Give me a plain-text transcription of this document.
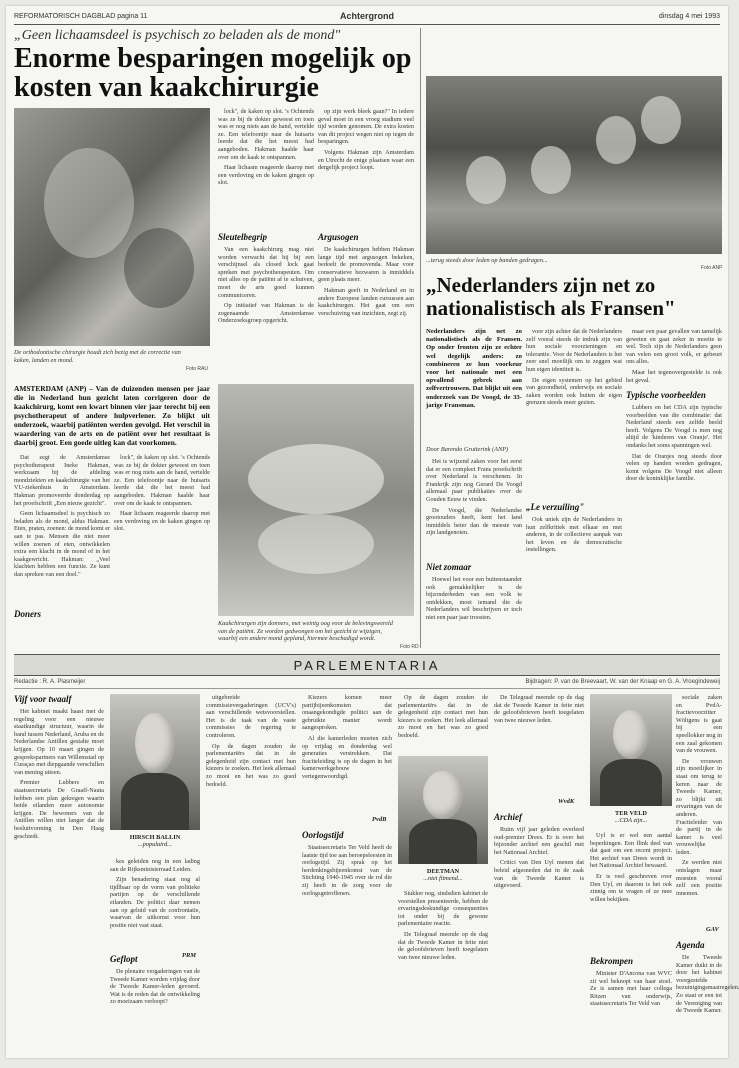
REFORMATORISCH DAGBLAD pagina 11	Achtergrond	dinsdag 4 mei 1993
„Geen lichaamsdeel is psychisch zo beladen als de mond"
Enorme besparingen mogelijk op kosten van kaakchirurgie
De orthodontische chirurgie houdt zich bezig met de correctie van kaken, landen en mond.
Foto RAU
AMSTERDAM (ANP) – Van de duizenden mensen per jaar die in Nederland hun gezicht laten corrigeren door de kaakchirurg, komt een kwart binnen vier jaar terecht bij een psychotherapeut of andere hulpverlener. Zo blijkt uit onderzoek, waarbij patiënten werden gevolgd. Het verschil in waardering van de arts en de patiënt over het resultaat is daarbij groot. Een goede uitleg kan dat voorkomen.

Dat zegt de Amsterdamse psychotherapeut Ineke Hakman, werkzaam bij de afdeling mondziekten en kaakchirurgie van het VU-ziekenhuis in Amsterdam. Hakman promoveerde donderdag op het proefschrift „Een nieuw gezicht".

Geen lichaamsdeel is psychisch zo beladen als de mond, aldus Hakman. Eten, praten, zoenen: de mond komt er aan te pas. Mensen die niet meer willen zoenen of eten, ontwikkelen extra een klacht in de mond of in het kaakgewricht. Hakman: „Veel klachten hebben een functie. Ze kunt dan spreken van een doel."

Doners

lock", de kaken op slot. 's Ochtends was ze bij de dokter geweest en toen was er nog niets aan de hand, vertelde ze. Een telefoontje naar de huisarts leerde dat die het meest had aangeboden. Hakman haalde haar over om de kaak te ontspannen.

Haar lichaam reageerde daarop met een verdoving en de kaken gingen op slot.

lock", de kaken op slot. 's Ochtends was ze bij de dokter geweest en toen was er nog niets aan de hand, vertelde ze. Een telefoontje naar de huisarts leerde dat die het meest had aangeboden. Hakman haalde haar over om de kaak te ontspannen.

Haar lichaam reageerde daarop met een verdoving en de kaken gingen op slot.

Sleutelbegrip

Van een kaakchirurg mag niet worden verwacht dat hij bij een verschijnsel als closed lock gaat spreken met psychotherapeuten. Om niet alles op de patiënt af te schuiven, moet de arts goed kunnen communiceren.

Op initiatief van Hakman is de zogenaamde Amsterdamse Onderzoeksgroep opgericht.

op zijn werk bleek gaan?" In iedere geval moet in een vroeg stadium veel tijd worden genomen. De extra kosten van dit project wegen niet op tegen de besparingen.

Volgens Hakman zijn Amsterdam en Utrecht de enige plaatsen waar een dergelijk project loopt.

Argusogen

De kaakchirurgen hebben Hakman lange tijd met argusogen bekeken, bedoelt de promovenda. Maar voor conservatieve bezwaren is inmiddels geen plaats meer.

Hakman geeft in Nederland en in andere Europese landen cursussen aan kaakchirurgen. Het gaat om een verschuiving van inzichten, zegt zij.

Kaakchirurgen zijn donners, met weinig oog voor de belevingswereld van de patiënt. Ze worden gedwongen om het gezicht te wijzigen, waarbij een andere mond gepland, hiermee beschadigd wordt.
Foto RD
...terug steeds door leden op banden gedragen...
Foto ANP
„Nederlanders zijn net zo nationalistisch als Fransen"
Nederlanders zijn net zo nationalistisch als de Fransen. Op onder fronten zijn ze echter wel degelijk anders: zo combineren ze hun voorkeur voor het nationale met een opvallend gebrek aan zelfvertrouwen. Dat blijkt uit een onderzoek van De Voogd, de 33-jarige Fransman.
Door Barendo Grutterink (ANP)

Het is wijzend zaken voor het eerst dat er een compleet Frans proefschrift over Nederland is verschenen. In Frankrijk zijn nog Gerard De Voogd allemaal paar publikaties over de Gouden Eeuw te vinden.

De Voogd, die Nederlandse grootouders heeft, kent het land inmiddels beter dan de meeste van zijn landgenoten.

Niet zomaar

Hoewel het voor een buitenstaander ook gemakkelijker is de bijzonderheden van een volk te ontdekken, moet iemand die de Nederlanders wil beschrijven er toch niet een paar jaar troosten.

voor zijn achter dat de Nederlanders zelf vooral steeds de indruk zijn van hun sociale voorzieningen en tolerantie. Voor de Nederlanders is het zeer snel moeilijk om te zeggen wat hun eigen identiteit is.

De eigen systemen op het gebied van gezondheid, onderwijs en sociale zaken worden ook buiten de eigen grenzen steeds meer gezien.

„Le verzuiling"

Ook uniek zijn de Nederlanders in hun zelfkritiek met elkaar en met anderen, in de collectieve aanpak van het leven en de democratische instellingen.

maar een paar gevallen van tamelijk geweten en gaat zeker in moeite te wel. Toch zijn de Nederlanders geen van velen een groot volk, er gebeurt ons alles.

Maar het tegenovergestelde is ook het geval.

Typische voorbeelden

Lubbers en het CDA zijn typische voorbeelden van die combinatie: dat Nederland steeds een zelfde beeld heeft. Volgens De Voogd is men nog altijd de 'kinderen van Oranje'. Het ondanks het soms spanningen wel.

Dat de Oranjes nog steeds door velen op handen worden gedragen, komt volgens De Voogd niet alleen door de koninklijke familie.

PARLEMENTARIA
Redactie : R. A. Plasmeijer	Bijdragen: P. van de Breevaart, W. van der Knaap en G. A. Vroegindeweij
Vijf voor twaalf

Het kabinet maakt haast met de regeling voor een nieuwe staatkundige structuur, waarin de band tussen Nederland, Aruba en de Nederlandse Antillen gestalte moet krijgen. Op 10 maart gingen de gesprekspartners van Willemstad op Curaçao met diepgaande verschillen van mening uiteen.

Premier Lubbers en staatssecretaris De Graaff-Nauta hebben een plan gekregen waarin beide eilanden meer autonomie krijgen. De bewoners van de Antillen willen niet langer dat de besluitvorming in Den Haag geschiedt.	HIRSCH BALLIN
...populaird...

kes geleiden nog in een lading aan de Rijksministerraad Leiden.

Zijn benadering staat nog al tijdlbaar op de vorm van politieke partijen op de verschillende eilanden. De politici daar nemen aan op geluid van de confrontatie, waarvan de uitkomst voor hun positie niet vast staat.

Geflopt

De plenaire vergaderingen van de Tweede Kamer worden vrijdag door de Tweede Kamer-leden gevoerd. Wat is de reden dat de ontwikkeling zo moeizaam verloopt?

uitgebreide commissievergaderingen (UCV's) aan verschillende wetsvoorstellen. Het is de taak van de vaste commissies de regering te controleren.

Op de dagen zouden de parlementariërs dat in de gelegenheid zijn contact met hun kiezers te zoeken. Het leek allemaal zo mooi en het was zo goed bedoeld.

PRM

Kiezers komen meer partijbijeenkomsten dat onaangekondigde politici aan de gebruikte manier wordt aangesproken.

Al die kamerleden moeten zich op vrijdag en donderdag wel generaties verstrekken. Dat fractieleiding is op de dagen in het kamerwerkgebouw vertegenwoordigd.

PvdB
Oorlogstijd

Staatssecretaris Ter Veld heeft de laatste tijd toe aan beroepsfeesten in oorlogstijd. Zij sprak op het herdenkingsbijeenkomst van de Stichting 1940-1945 over de rol die zij heeft in de zorg voor de oorlogsgetroffenen.

DEETMAN
...niet fitmend...

Op de dagen zouden de parlementariërs dat in de gelegenheid zijn contact met hun kiezers te zoeken. Het leek allemaal zo mooi en het was zo goed bedoeld.

Stukker nog, sindsdien kabinet de voorstellen presenteerde, hebben de ervaringsdeskundige consequenties tot onder bij de gewone parlementaire reactie.

De Telegraaf meende op de dag dat de Tweede Kamer in feite niet de geloofsbrieven heeft toegelaten van twee nieuwe leden.

De Telegraaf meende op de dag dat de Tweede Kamer in feite niet de geloofsbrieven heeft toegelaten van twee nieuwe leden.

WvdK
Archief

Ruim vijf jaar geleden overleed oud-premier Drees. Er is over het bijzonder archief een geschil met het Nationaal Archief.

Critici van Den Uyl menen dat beleid afgesneden dat in de zaak van de Tweede Kamer is uitgevoerd.

TER VELD
...CDA zijn...

Uyl is er wel een aantal beperkingen. Een flink deel van dat gaat om een recent project. Het archief van Drees wordt in het Nationaal Archief bewaard.

Er is veel geschreven over Den Uyl, en daarom is het ook zinnig om te vragen of ze mee willen bekijken.

Bekrompen

Minister D'Ancona van WVC zit wel beknopt van haar stoel. Ze is samen met haar collega Ritzen van onderwijs, staatssecretaris Ter Veld van

sociale zaken en PvdA-fractievoorzitter Wöltgens is gaat bij een speellokker nog in een zaal gekomen van de vrouwen.

De vrouwen zijn moeilijker in staat om terug te keren naar de Tweede Kamer, zo blijkt uit ervaringen van de anderen. Fractieleider van de partij in de kamer is veel vrouwelijke leden.

Ze werden niet ontslagen maar moesten vooral zelf een positie innemen.

GAV
Agenda

De Tweede Kamer duikt in de door het kabinet voorgestelde bezuinigingsmaatregelen. Zo staat er een tot de Vereniging van de Tweede Kamer.
